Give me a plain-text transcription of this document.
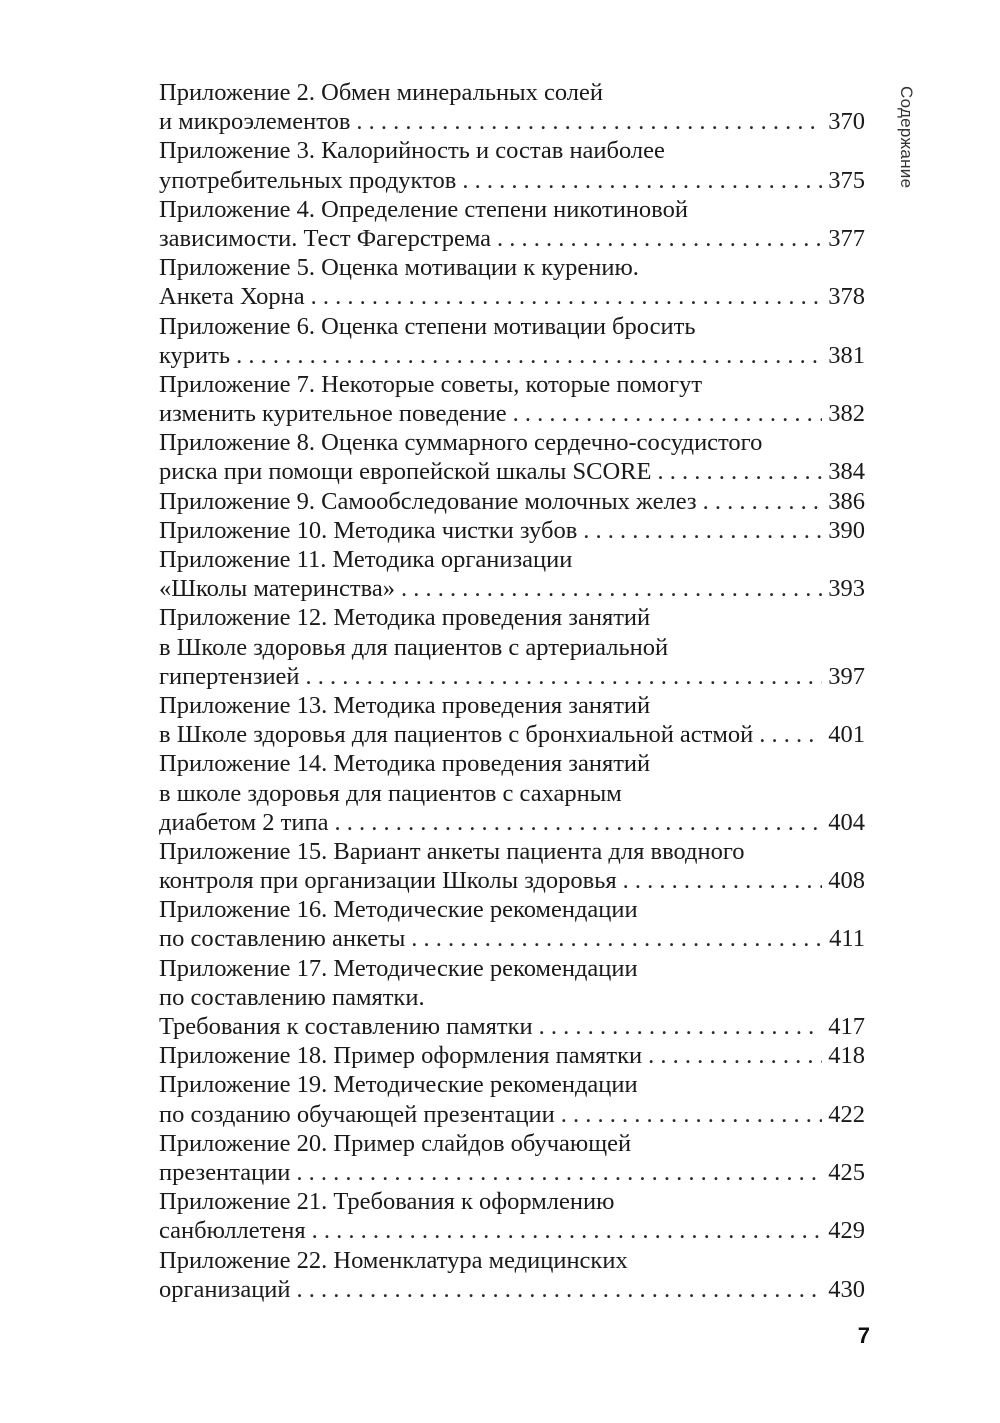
Содержание
Приложение 2. Обмен минеральных солей
и микроэлементов . . .	370
Приложение 3. Калорийность и состав наиболее
употребительных продуктов . . .	375
Приложение 4. Определение степени никотиновой
зависимости. Тест Фагерстрема . . .	377
Приложение 5. Оценка мотивации к курению.
Анкета Хорна . . .	378
Приложение 6. Оценка степени мотивации бросить
курить . . .	381
Приложение 7. Некоторые советы, которые помогут
изменить курительное поведение . . .	382
Приложение 8. Оценка суммарного сердечно-сосудистого
риска при помощи европейской шкалы SCORE . . .	384
Приложение 9. Самообследование молочных желез . . .	386
Приложение 10. Методика чистки зубов . . .	390
Приложение 11. Методика организации
«Школы материнства» . . .	393
Приложение 12. Методика проведения занятий
в Школе здоровья для пациентов с артериальной
гипертензией . . .	397
Приложение 13. Методика проведения занятий
в Школе здоровья для пациентов с бронхиальной астмой . . .	401
Приложение 14. Методика проведения занятий
в школе здоровья для пациентов с сахарным
диабетом 2 типа . . .	404
Приложение 15. Вариант анкеты пациента для вводного
контроля при организации Школы здоровья . . .	408
Приложение 16. Методические рекомендации
по составлению анкеты . . .	411
Приложение 17. Методические рекомендации
по составлению памятки.
Требования к составлению памятки . . .	417
Приложение 18. Пример оформления памятки . . .	418
Приложение 19. Методические рекомендации
по созданию обучающей презентации . . .	422
Приложение 20. Пример слайдов обучающей
презентации . . .	425
Приложение 21. Требования к оформлению
санбюллетеня . . .	429
Приложение 22. Номенклатура медицинских
организаций . . .	430
7
